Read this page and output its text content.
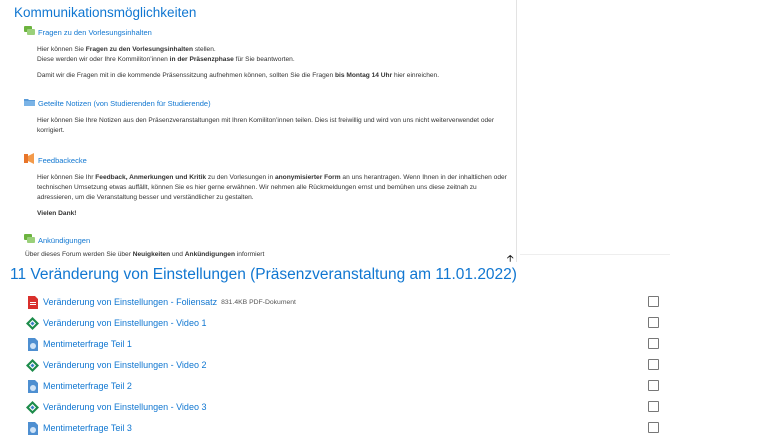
Kommunikationsmöglichkeiten
Fragen zu den Vorlesungsinhalten

Hier können Sie Fragen zu den Vorlesungsinhalten stellen.

Diese werden wir oder Ihre Kommilitonʻinnen in der Präsenzphase für Sie beantworten.

Damit wir die Fragen mit in die kommende Präsenssitzung aufnehmen können, sollten Sie die Fragen bis Montag 14 Uhr hier einreichen.

Geteilte Notizen (von Studierenden für Studierende)

Hier können Sie Ihre Notizen aus den Präsenzveranstaltungen mit Ihren Komilitonʻinnen teilen. Dies ist freiwillig und wird von uns nicht weiterverwendet oder korrigiert.

Feedbackecke

Hier können Sie Ihr Feedback, Anmerkungen und Kritik zu den Vorlesungen in anonymisierter Form an uns herantragen. Wenn Ihnen in der inhaltlichen oder technischen Umsetzung etwas auffällt, können Sie es hier gerne erwähnen. Wir nehmen alle Rückmeldungen ernst und bemühen uns diese zeitnah zu adressieren, um die Veranstaltung besser und verständlicher zu gestalten.

Vielen Dank!

Ankündigungen

Über dieses Forum werden Sie über Neuigkeiten und Ankündigungen informiert	🡡
11 Veränderung von Einstellungen (Präsenzveranstaltung am 11.01.2022)
Veränderung von Einstellungen - Foliensatz 831.4KB PDF-Dokument
Veränderung von Einstellungen - Video 1
Mentimeterfrage Teil 1
Veränderung von Einstellungen - Video 2
Mentimeterfrage Teil 2
Veränderung von Einstellungen - Video 3
Mentimeterfrage Teil 3
